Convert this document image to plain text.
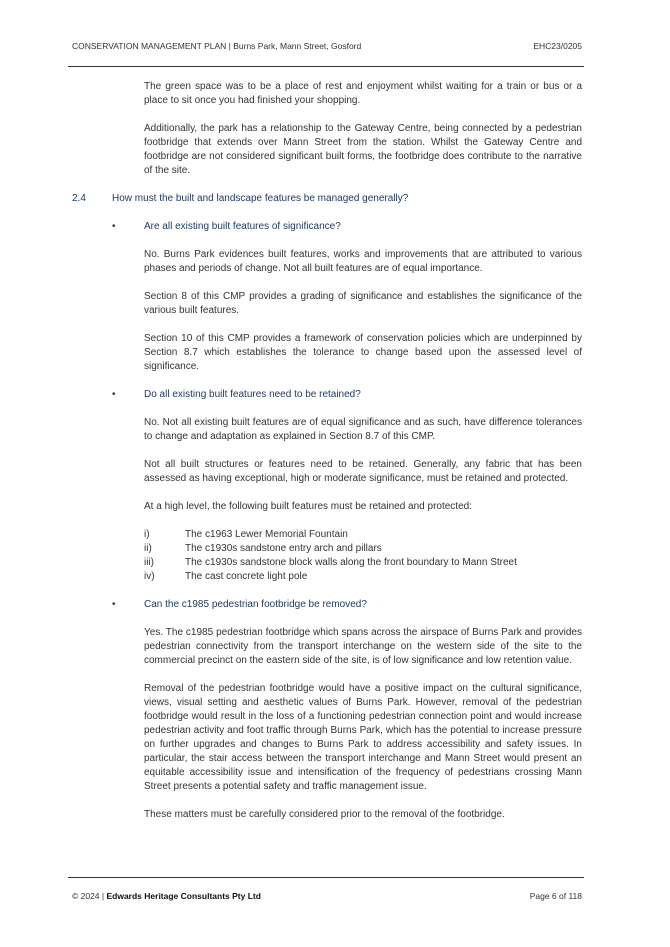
CONSERVATION MANAGEMENT PLAN | Burns Park, Mann Street, Gosford	EHC23/0205

The green space was to be a place of rest and enjoyment whilst waiting for a train or bus or a place to sit once you had finished your shopping.

Additionally, the park has a relationship to the Gateway Centre, being connected by a pedestrian footbridge that extends over Mann Street from the station. Whilst the Gateway Centre and footbridge are not considered significant built forms, the footbridge does contribute to the narrative of the site.

2.4	How must the built and landscape features be managed generally?
•	Are all existing built features of significance?

No. Burns Park evidences built features, works and improvements that are attributed to various phases and periods of change. Not all built features are of equal importance.

Section 8 of this CMP provides a grading of significance and establishes the significance of the various built features.

Section 10 of this CMP provides a framework of conservation policies which are underpinned by Section 8.7 which establishes the tolerance to change based upon the assessed level of significance.

•	Do all existing built features need to be retained?

No. Not all existing built features are of equal significance and as such, have difference tolerances to change and adaptation as explained in Section 8.7 of this CMP.

Not all built structures or features need to be retained. Generally, any fabric that has been assessed as having exceptional, high or moderate significance, must be retained and protected.

At a high level, the following built features must be retained and protected:

i)	The c1963 Lewer Memorial Fountain
ii)	The c1930s sandstone entry arch and pillars
iii)	The c1930s sandstone block walls along the front boundary to Mann Street
iv)	The cast concrete light pole
•	Can the c1985 pedestrian footbridge be removed?

Yes. The c1985 pedestrian footbridge which spans across the airspace of Burns Park and provides pedestrian connectivity from the transport interchange on the western side of the site to the commercial precinct on the eastern side of the site, is of low significance and low retention value.

Removal of the pedestrian footbridge would have a positive impact on the cultural significance, views, visual setting and aesthetic values of Burns Park. However, removal of the pedestrian footbridge would result in the loss of a functioning pedestrian connection point and would increase pedestrian activity and foot traffic through Burns Park, which has the potential to increase pressure on further upgrades and changes to Burns Park to address accessibility and safety issues. In particular, the stair access between the transport interchange and Mann Street would present an equitable accessibility issue and intensification of the frequency of pedestrians crossing Mann Street presents a potential safety and traffic management issue.

These matters must be carefully considered prior to the removal of the footbridge.

© 2024 | Edwards Heritage Consultants Pty Ltd	Page 6 of 118
